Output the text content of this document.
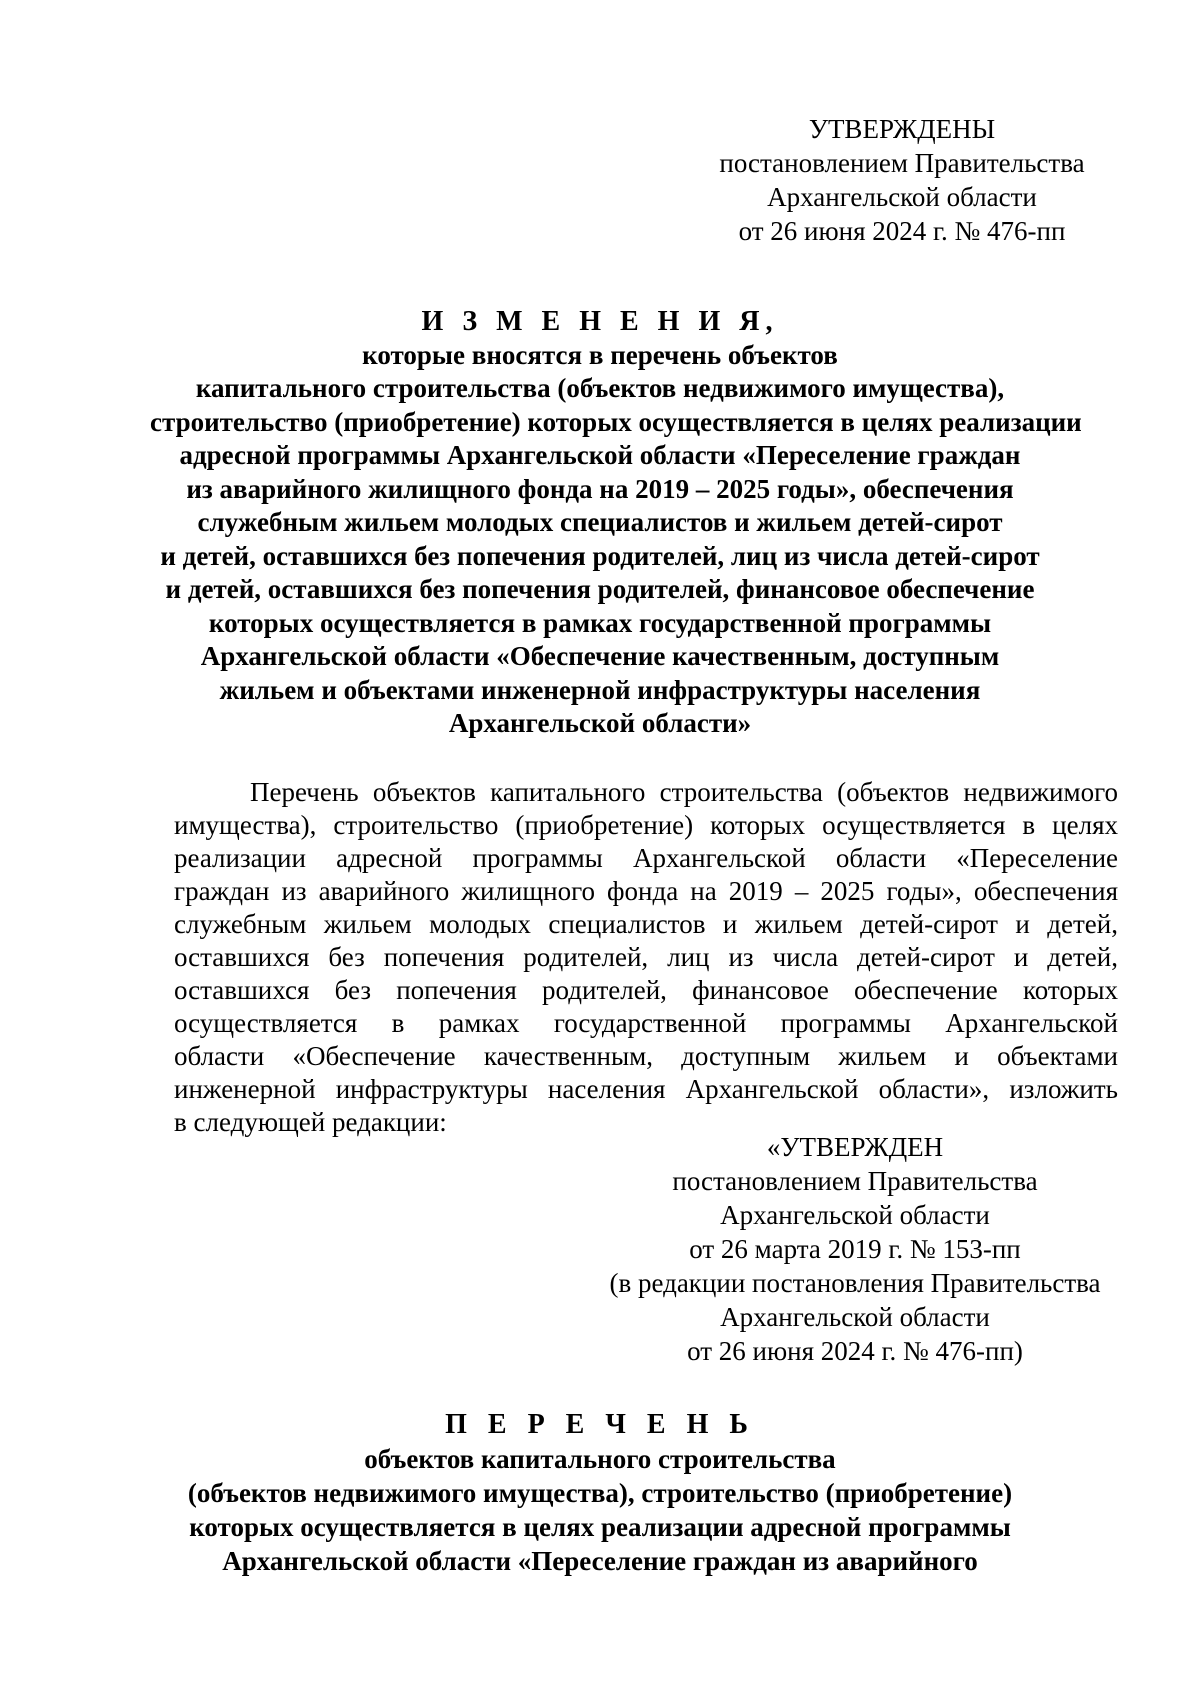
УТВЕРЖДЕНЫ
постановлением Правительства
Архангельской области
от 26 июня 2024 г. № 476-пп
И З М Е Н Е Н И Я,
которые вносятся в перечень объектов
капитального строительства (объектов недвижимого имущества),
строительство (приобретение) которых осуществляется в целях реализации
адресной программы Архангельской области «Переселение граждан
из аварийного жилищного фонда на 2019 – 2025 годы», обеспечения
служебным жильем молодых специалистов и жильем детей-сирот
и детей, оставшихся без попечения родителей, лиц из числа детей-сирот
и детей, оставшихся без попечения родителей, финансовое обеспечение
которых осуществляется в рамках государственной программы
Архангельской области «Обеспечение качественным, доступным
жильем и объектами инженерной инфраструктуры населения
Архангельской области»
Перечень объектов капитального строительства (объектов недвижимого
имущества), строительство (приобретение) которых осуществляется в целях
реализации адресной программы Архангельской области «Переселение
граждан из аварийного жилищного фонда на 2019 – 2025 годы», обеспечения
служебным жильем молодых специалистов и жильем детей-сирот и детей,
оставшихся без попечения родителей, лиц из числа детей-сирот и детей,
оставшихся без попечения родителей, финансовое обеспечение которых
осуществляется в рамках государственной программы Архангельской
области «Обеспечение качественным, доступным жильем и объектами
инженерной инфраструктуры населения Архангельской области», изложить
в следующей редакции:
«УТВЕРЖДЕН
постановлением Правительства
Архангельской области
от 26 марта 2019 г. № 153-пп
(в редакции постановления Правительства
Архангельской области
от 26 июня 2024 г. № 476-пп)
П Е Р Е Ч Е Н Ь
объектов капитального строительства
(объектов недвижимого имущества), строительство (приобретение)
которых осуществляется в целях реализации адресной программы
Архангельской области «Переселение граждан из аварийного
